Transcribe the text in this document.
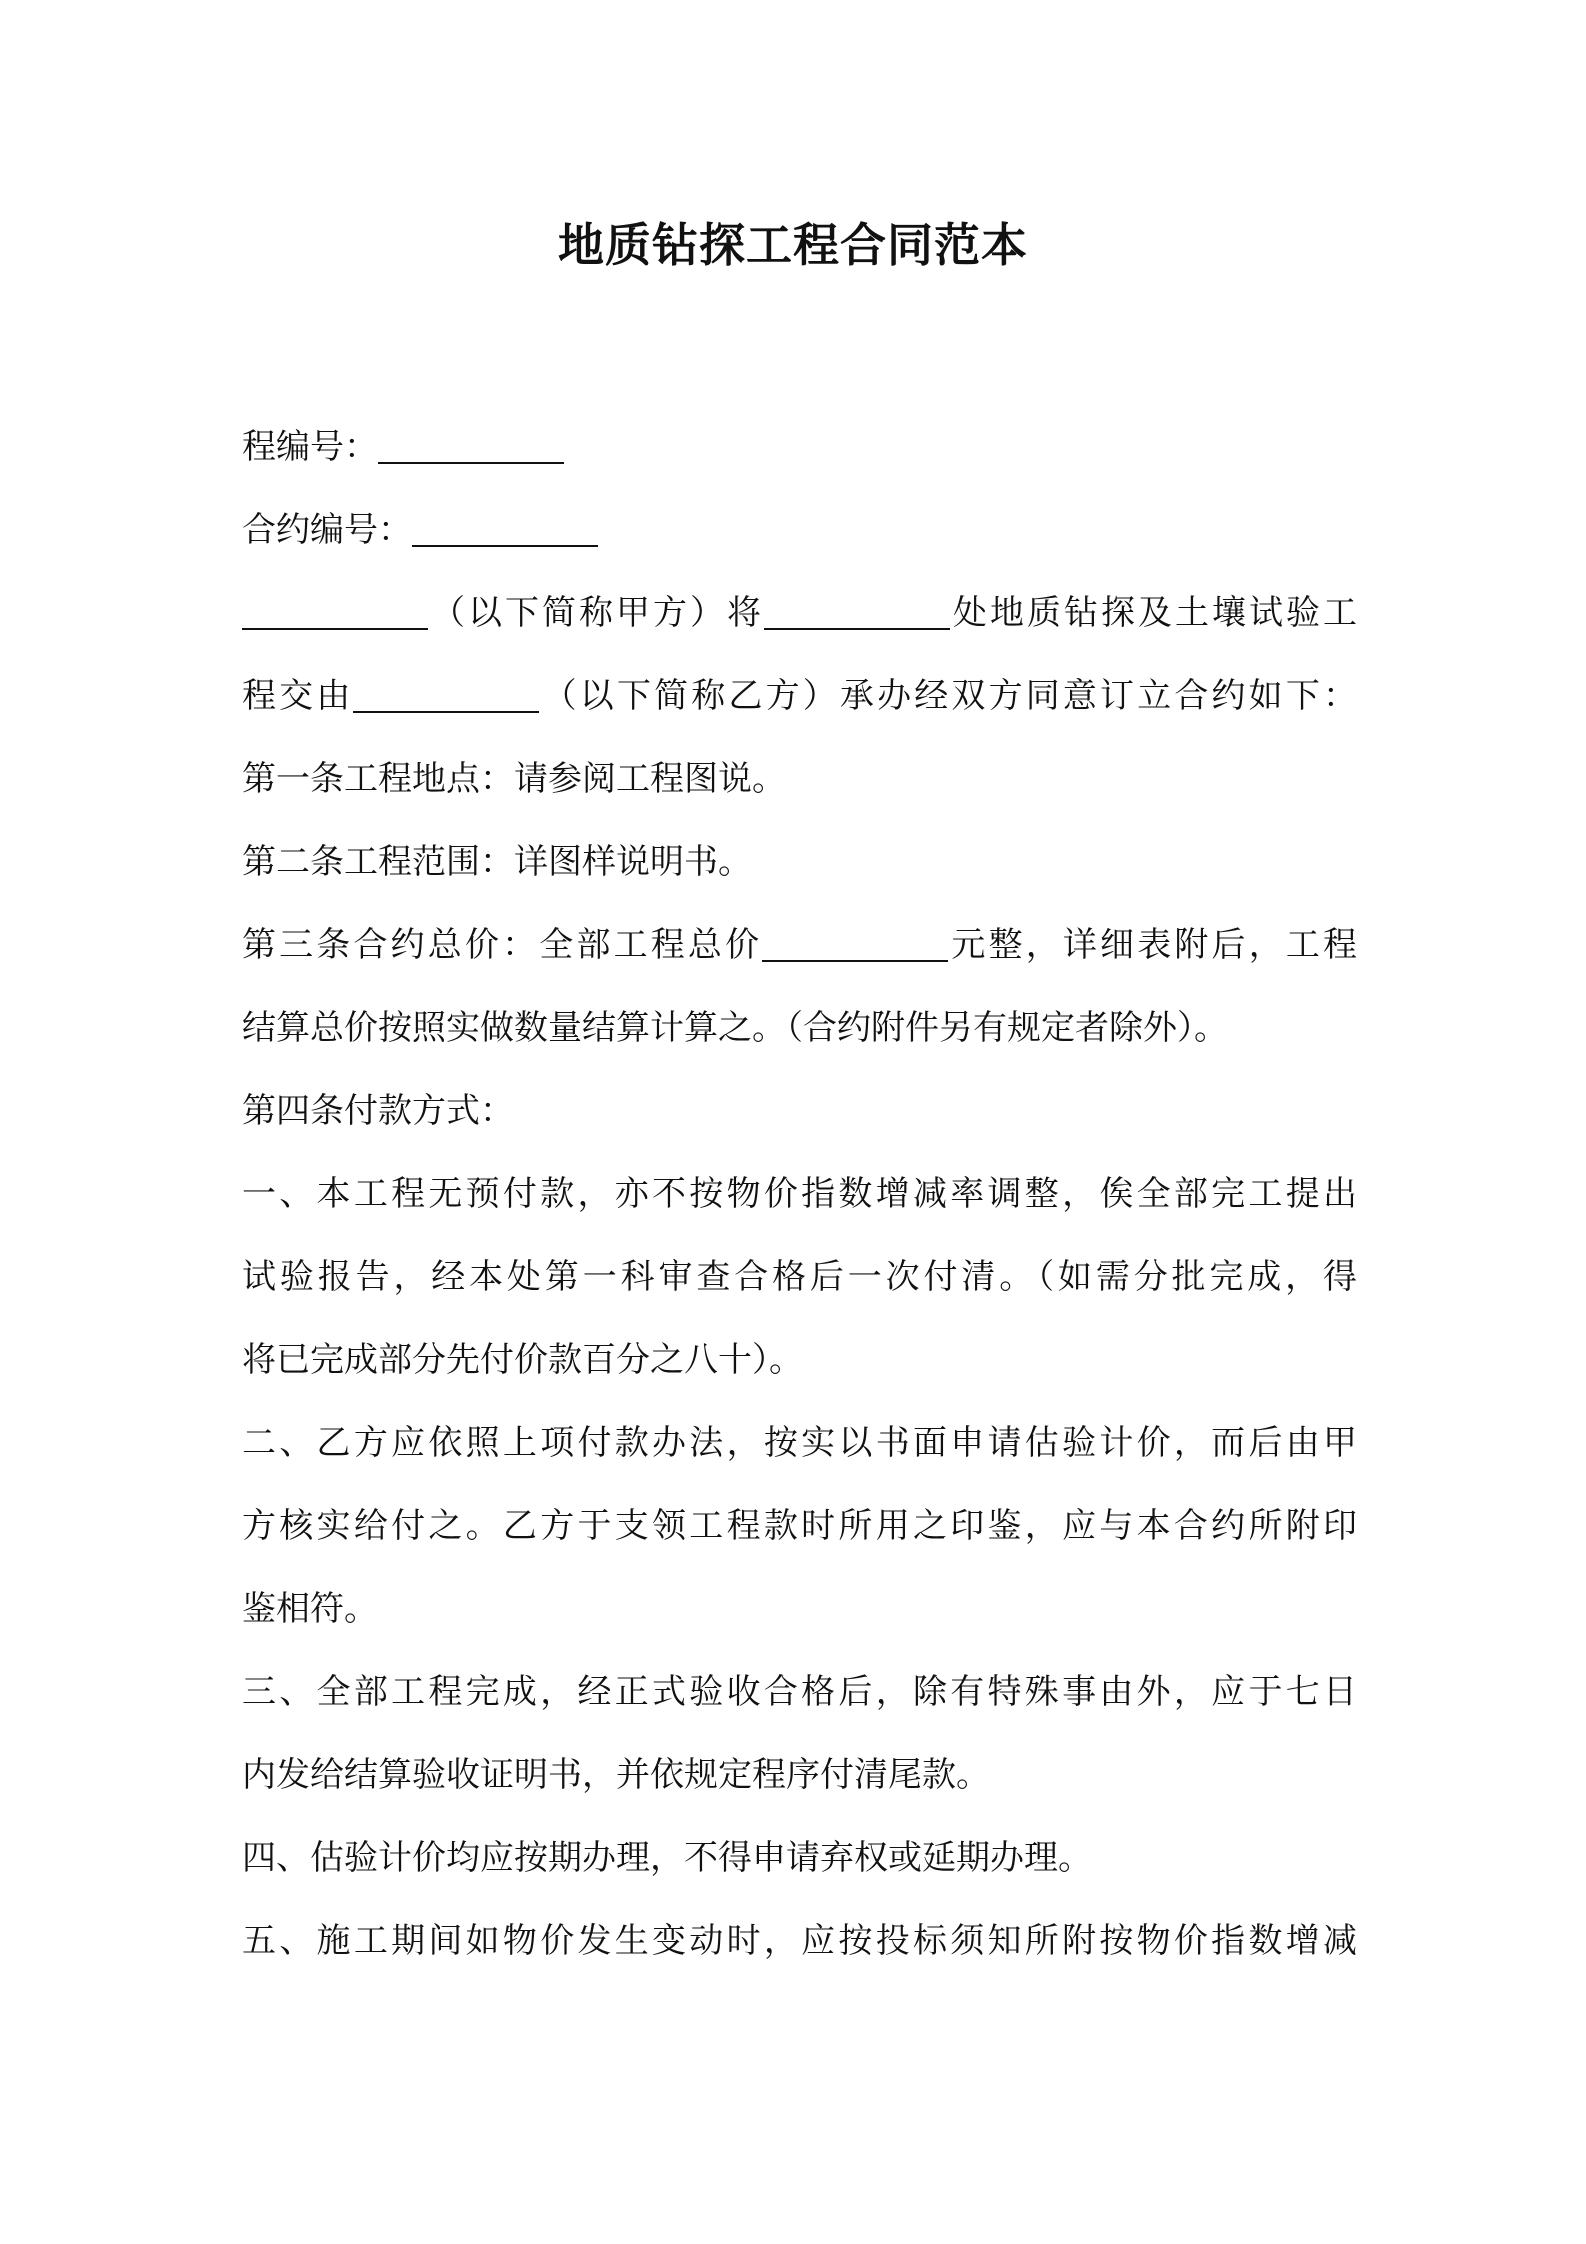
地质钻探工程合同范本

程编号：

合约编号：

（以下简称甲方）将	处地质钻探及土壤试验工

程交由	（以下简称乙方）承办经双方同意订立合约如下：

第一条工程地点：请参阅工程图说。

第二条工程范围：详图样说明书。

第三条合约总价：全部工程总价	元整，详细表附后，工程

结算总价按照实做数量结算计算之。（合约附件另有规定者除外）。

第四条付款方式：

一、本工程无预付款，亦不按物价指数增减率调整，俟全部完工提出

试验报告，经本处第一科审查合格后一次付清。（如需分批完成，得

将已完成部分先付价款百分之八十）。

二、乙方应依照上项付款办法，按实以书面申请估验计价，而后由甲

方核实给付之。乙方于支领工程款时所用之印鉴，应与本合约所附印

鉴相符。

三、全部工程完成，经正式验收合格后，除有特殊事由外，应于七日

内发给结算验收证明书，并依规定程序付清尾款。

四、估验计价均应按期办理，不得申请弃权或延期办理。

五、施工期间如物价发生变动时，应按投标须知所附按物价指数增减
